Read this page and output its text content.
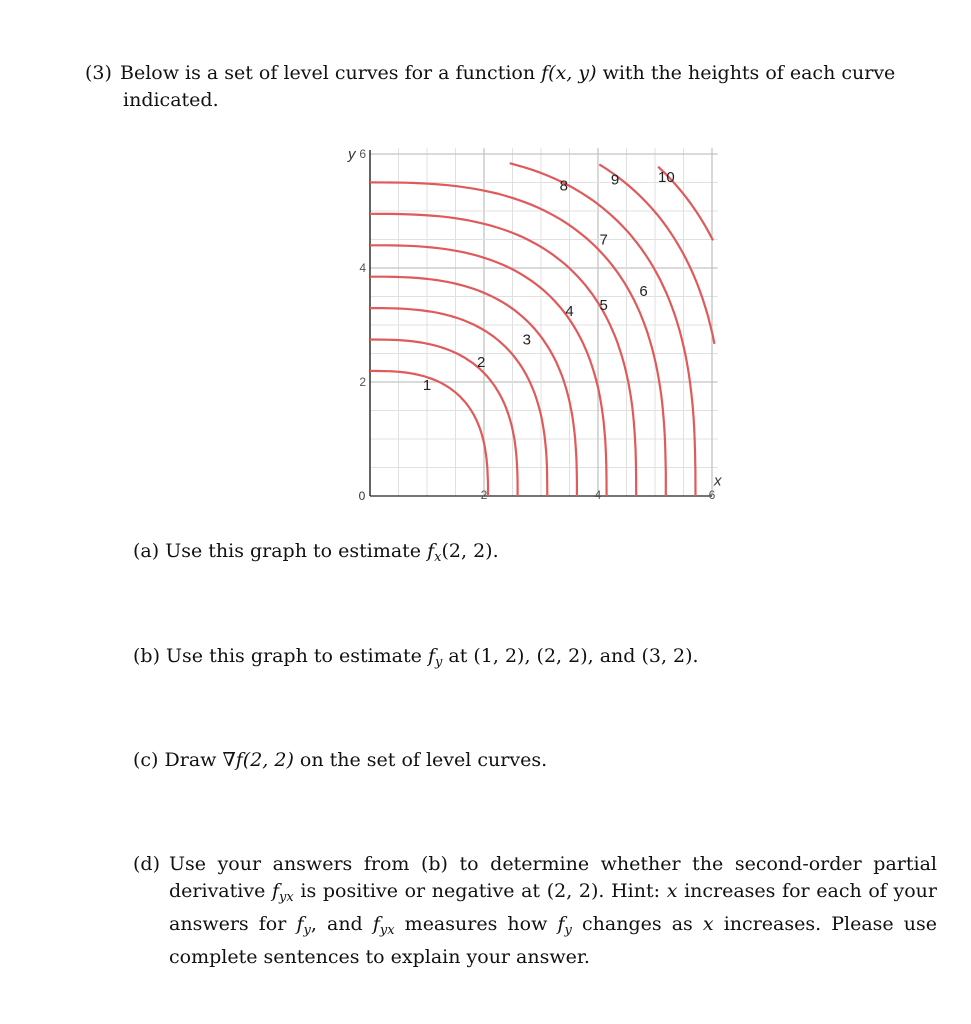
(3) Below is a set of level curves for a function f(x, y) with the heights of each curve
indicated.
2	4	6
2
4
6
0
x
y
1
2
3
4 5
6
7
8	9	10
(a) Use this graph to estimate $f_x(2$, 2).
(b) Use this graph to estimate $f_y$ at (1, 2), (2, 2), and (3, 2).
(c) Draw ∇f(2, 2) on the set of level curves.
(d) Use your answers from (b) to determine whether the second-order partial derivative $f_{yx}$ is positive or negative at (2, 2). Hint: x increases for each of your answers for $f_y$, and $f_{yx}$ measures how $f_y$ changes as x increases. Please use complete sentences to explain your answer.
